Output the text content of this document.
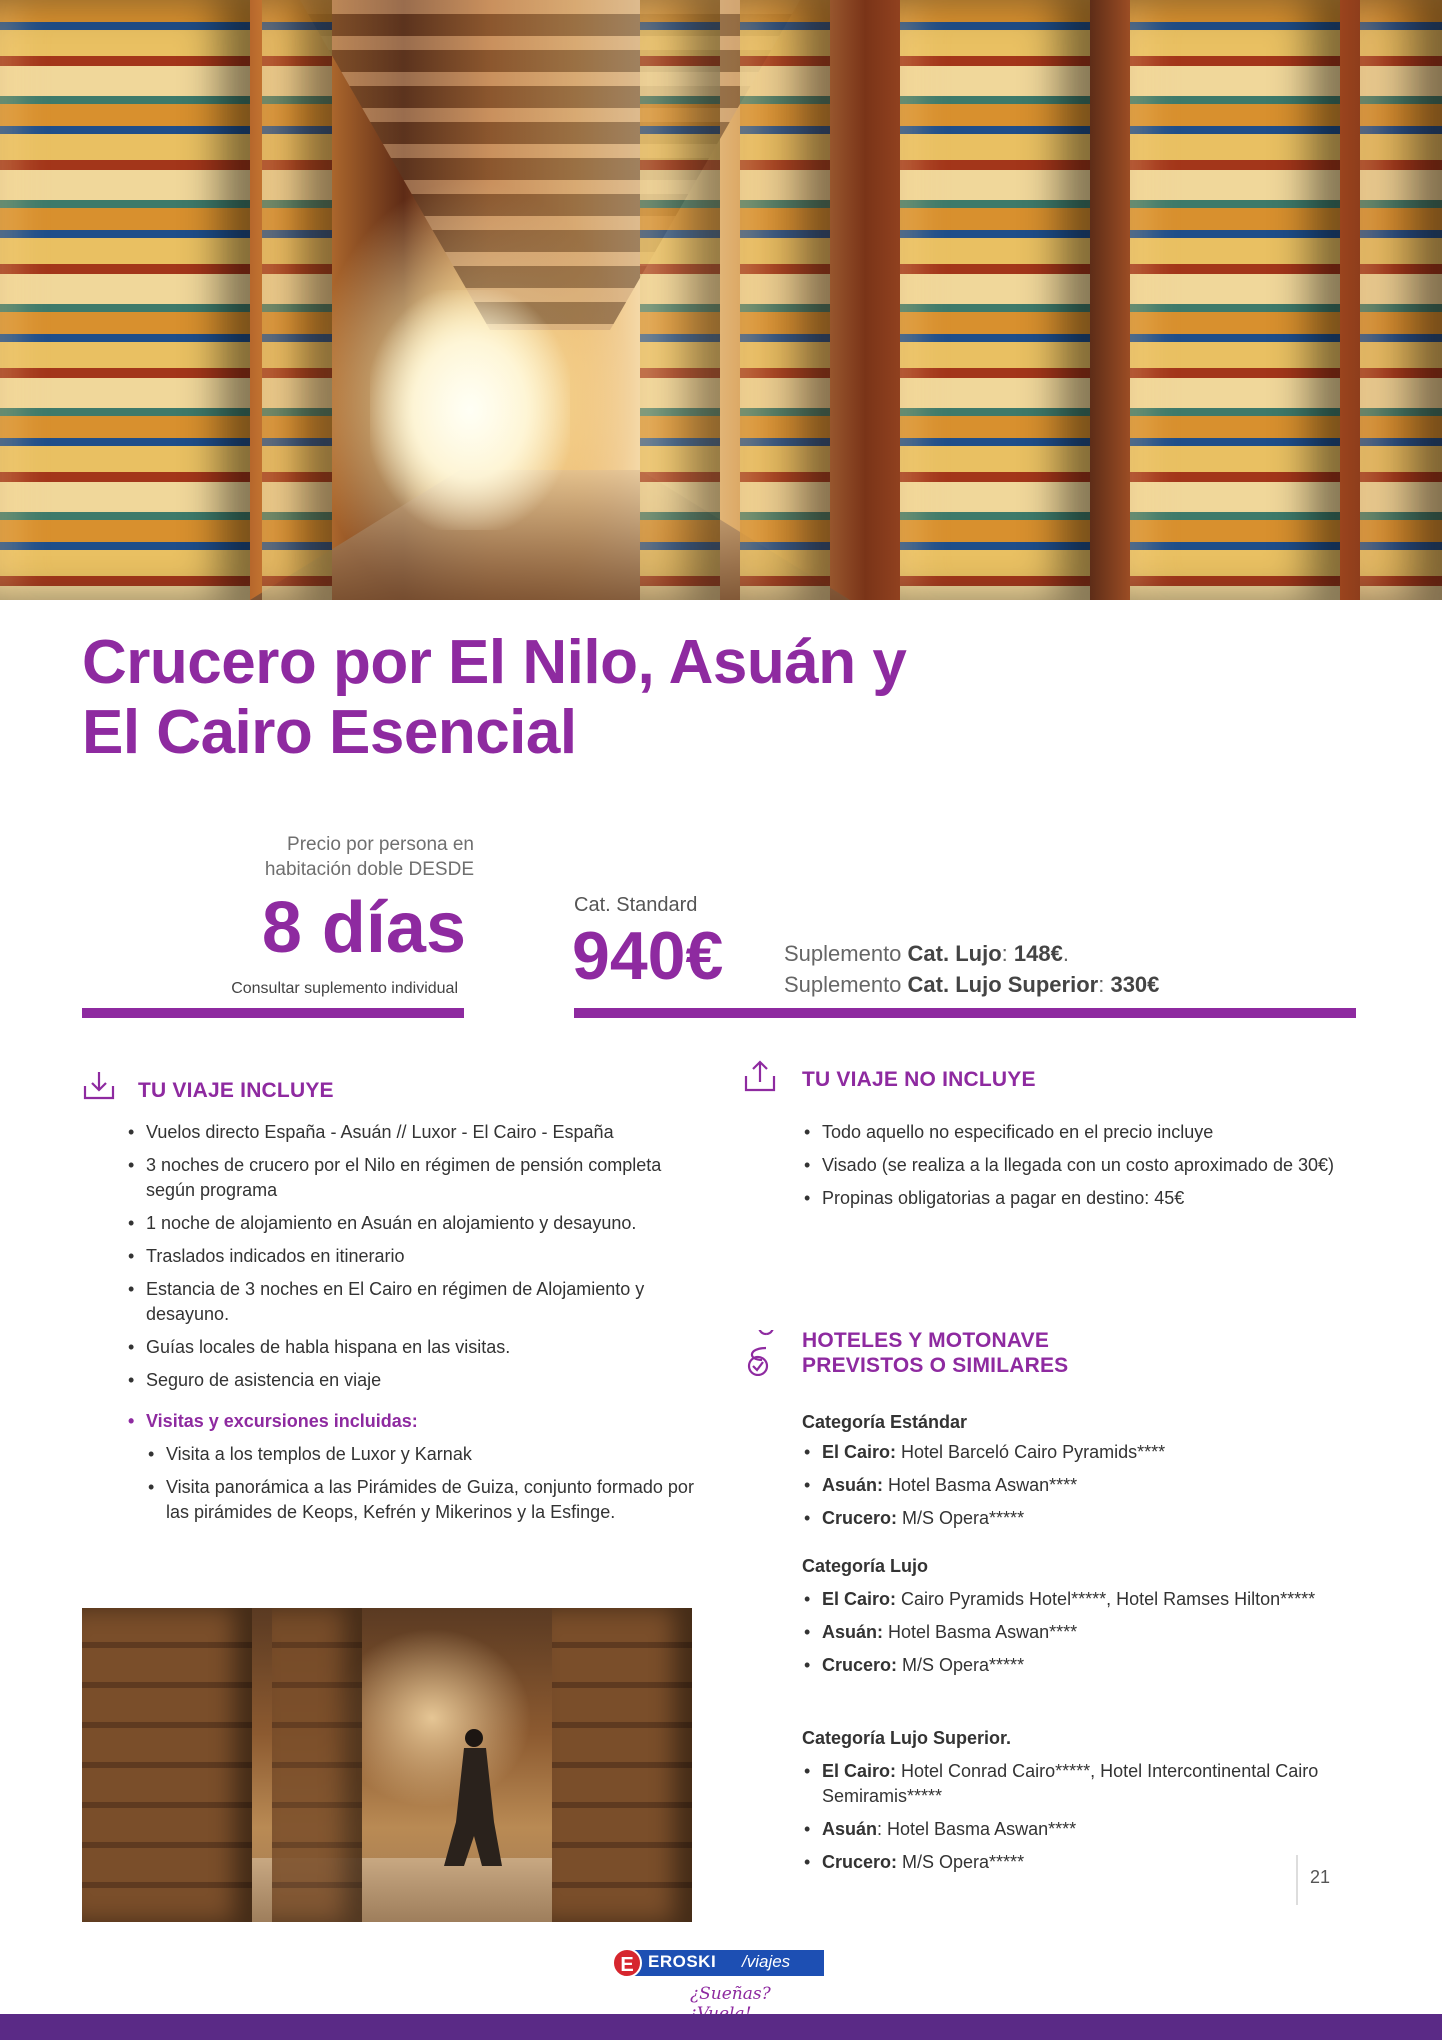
Crucero por El Nilo, Asuán y
El Cairo Esencial
Precio por persona en
habitación doble DESDE
8 días
Consultar suplemento individual
Cat. Standard
940€	Suplemento Cat. Lujo: 148€.
Suplemento Cat. Lujo Superior: 330€
TU VIAJE INCLUYE
• Vuelos directo España - Asuán // Luxor - El Cairo - España
• 3 noches de crucero por el Nilo en régimen de pensión completa según programa
• 1 noche de alojamiento en Asuán en alojamiento y desayuno.
• Traslados indicados en itinerario
• Estancia de 3 noches en El Cairo en régimen de Alojamiento y desayuno.
• Guías locales de habla hispana en las visitas.
• Seguro de asistencia en viaje
• Visitas y excursiones incluidas:
• Visita a los templos de Luxor y Karnak
• Visita panorámica a las Pirámides de Guiza, conjunto formado por las pirámides de Keops, Kefrén y Mikerinos y la Esfinge.
TU VIAJE NO INCLUYE
• Todo aquello no especificado en el precio incluye
• Visado (se realiza a la llegada con un costo aproximado de 30€)
• Propinas obligatorias a pagar en destino: 45€
HOTELES Y MOTONAVE
PREVISTOS O SIMILARES
Categoría Estándar
• El Cairo: Hotel Barceló Cairo Pyramids****
• Asuán: Hotel Basma Aswan****
• Crucero: M/S Opera*****
Categoría Lujo
• El Cairo: Cairo Pyramids Hotel*****, Hotel Ramses Hilton*****
• Asuán: Hotel Basma Aswan****
• Crucero: M/S Opera*****
Categoría Lujo Superior.
• El Cairo: Hotel Conrad Cairo*****, Hotel Intercontinental Cairo Semiramis*****
• Asuán: Hotel Basma Aswan****
• Crucero: M/S Opera*****
E EROSKI /viajes
¿Sueñas?
21
